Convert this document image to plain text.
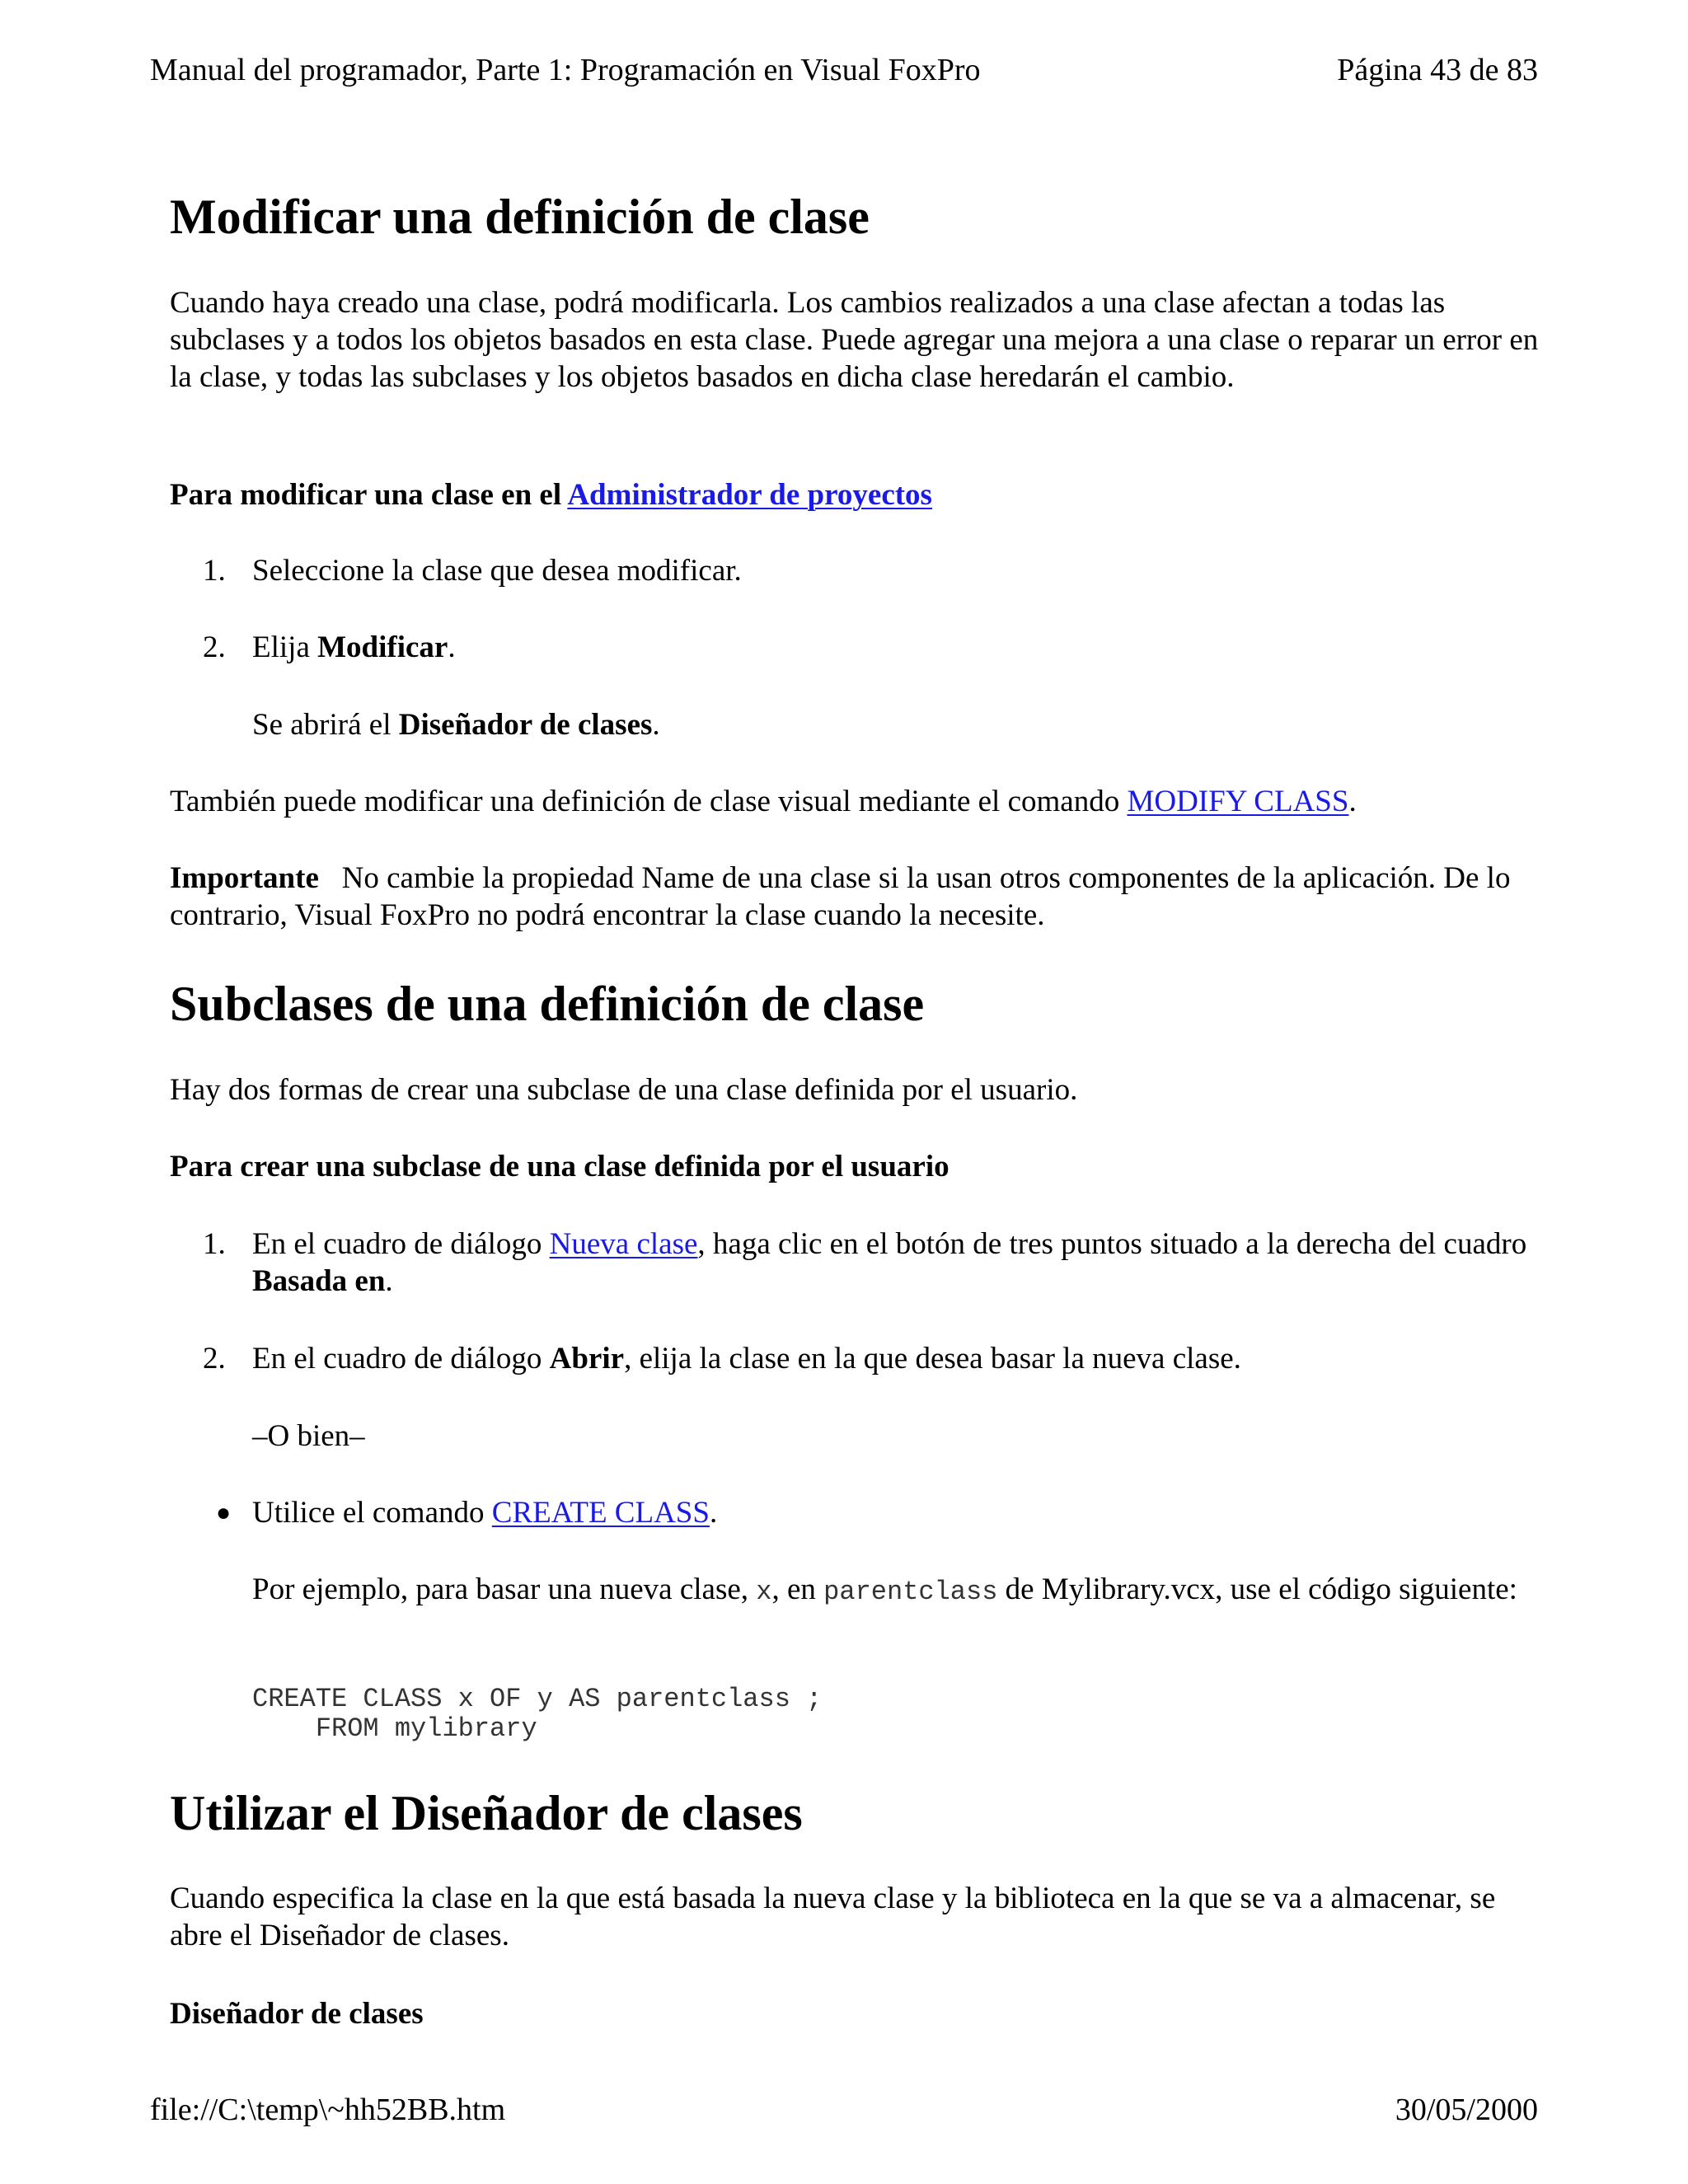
Manual del programador, Parte 1: Programación en Visual FoxPro	Página 43 de 83
Modificar una definición de clase

Cuando haya creado una clase, podrá modificarla. Los cambios realizados a una clase afectan a todas las subclases y a todos los objetos basados en esta clase. Puede agregar una mejora a una clase o reparar un error en la clase, y todas las subclases y los objetos basados en dicha clase heredarán el cambio.

Para modificar una clase en el Administrador de proyectos

1. Seleccione la clase que desea modificar.

2. Elija Modificar.

Se abrirá el Diseñador de clases.

También puede modificar una definición de clase visual mediante el comando MODIFY CLASS.

Importante   No cambie la propiedad Name de una clase si la usan otros componentes de la aplicación. De lo contrario, Visual FoxPro no podrá encontrar la clase cuando la necesite.

Subclases de una definición de clase

Hay dos formas de crear una subclase de una clase definida por el usuario.

Para crear una subclase de una clase definida por el usuario

1. En el cuadro de diálogo Nueva clase, haga clic en el botón de tres puntos situado a la derecha del cuadro Basada en.

2. En el cuadro de diálogo Abrir, elija la clase en la que desea basar la nueva clase.

–O bien–

● Utilice el comando CREATE CLASS.

Por ejemplo, para basar una nueva clase, x, en parentclass de Mylibrary.vcx, use el código siguiente:

CREATE CLASS x OF y AS parentclass ;
FROM mylibrary
Utilizar el Diseñador de clases

Cuando especifica la clase en la que está basada la nueva clase y la biblioteca en la que se va a almacenar, se abre el Diseñador de clases.

Diseñador de clases

file://C:\temp\~hh52BB.htm	30/05/2000
